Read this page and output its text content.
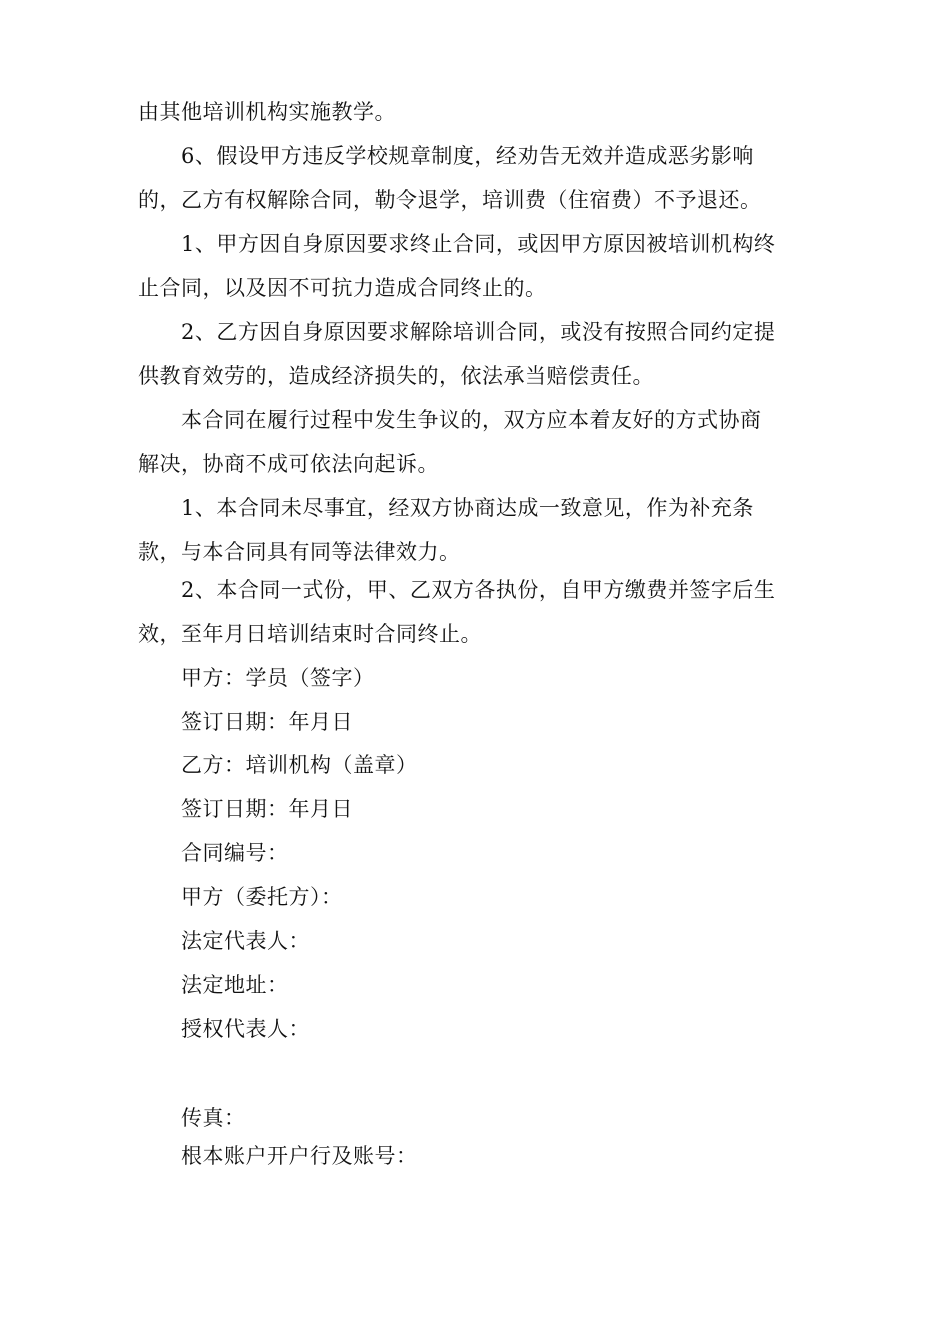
由其他培训机构实施教学。
6、假设甲方违反学校规章制度，经劝告无效并造成恶劣影响
的，乙方有权解除合同，勒令退学，培训费（住宿费）不予退还。
1、甲方因自身原因要求终止合同，或因甲方原因被培训机构终
止合同，以及因不可抗力造成合同终止的。
2、乙方因自身原因要求解除培训合同，或没有按照合同约定提
供教育效劳的，造成经济损失的，依法承当赔偿责任。
本合同在履行过程中发生争议的，双方应本着友好的方式协商
解决，协商不成可依法向起诉。
1、本合同未尽事宜，经双方协商达成一致意见，作为补充条
款，与本合同具有同等法律效力。
2、本合同一式份，甲、乙双方各执份，自甲方缴费并签字后生
效，至年月日培训结束时合同终止。
甲方：学员（签字）
签订日期：年月日
乙方：培训机构（盖章）
签订日期：年月日
合同编号：
甲方（委托方）：
法定代表人：
法定地址：
授权代表人：
传真：
根本账户开户行及账号：
